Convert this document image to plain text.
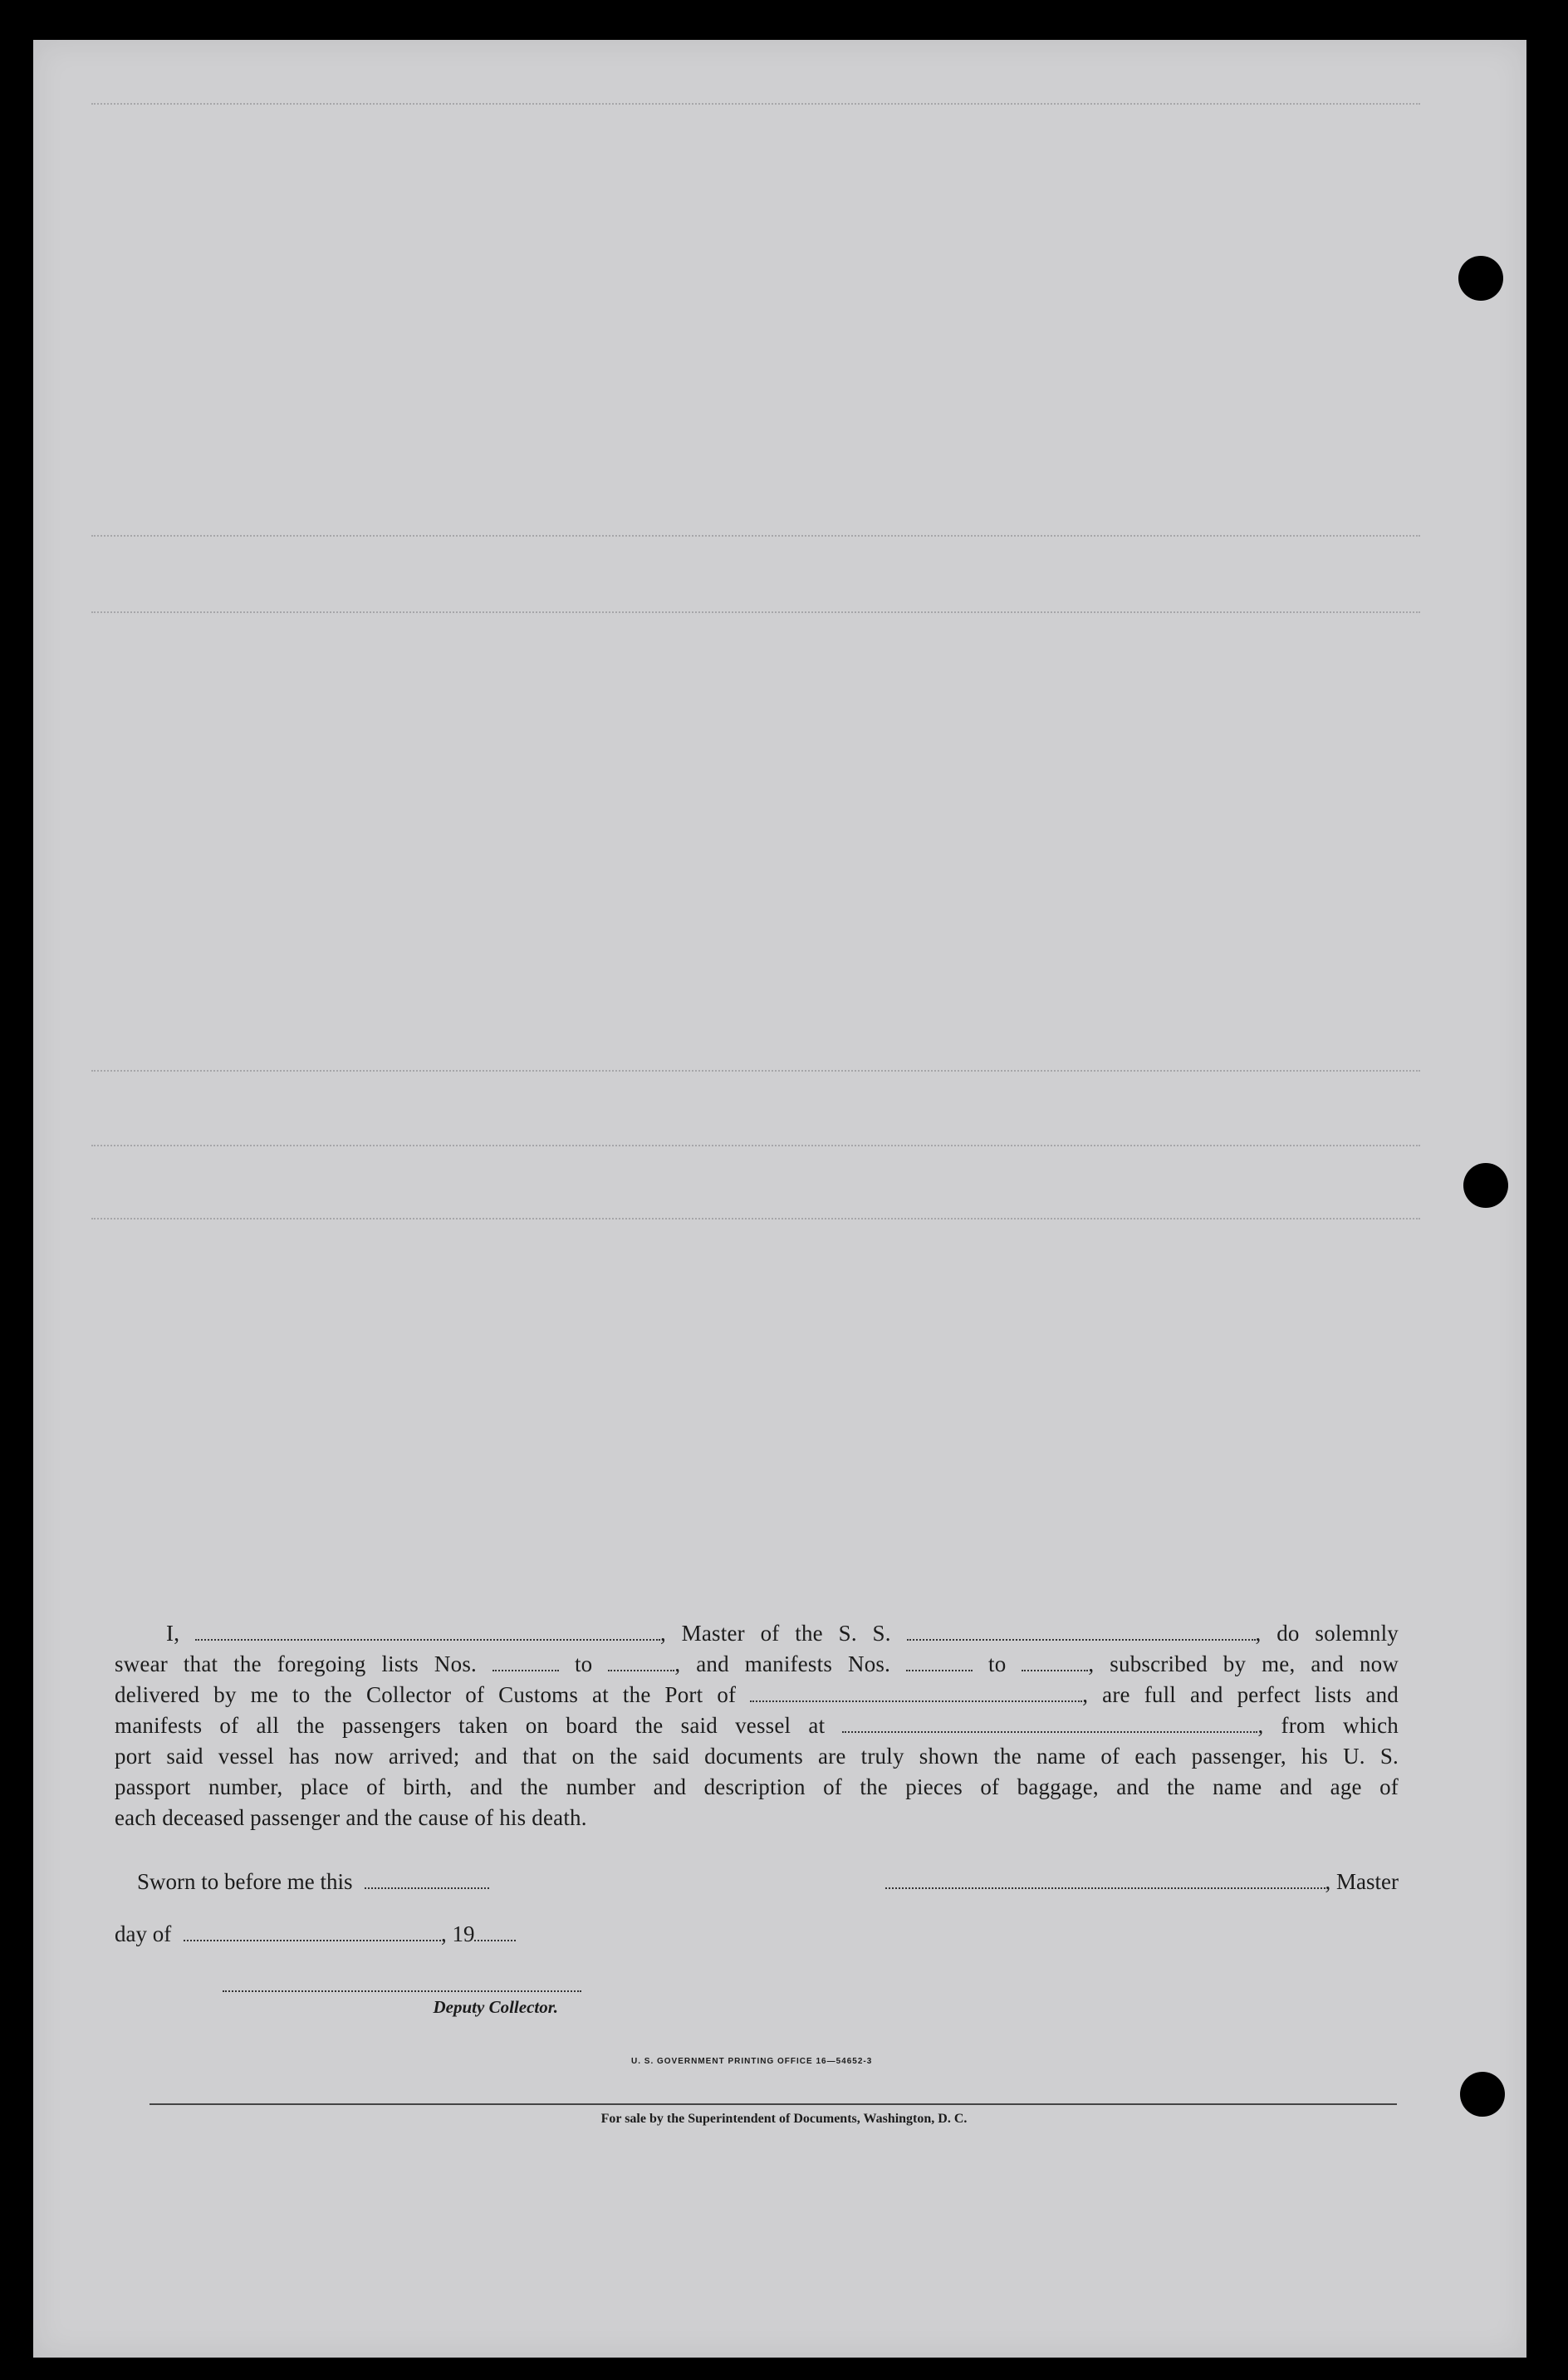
I,	, Master of the S. S.	, do solemnly
swear that the foregoing lists Nos.	to	, and manifests Nos.	to	, subscribed by me, and now
delivered by me to the Collector of Customs at the Port of	, are full and perfect lists and
manifests of all the passengers taken on board the said vessel at	, from which
port said vessel has now arrived; and that on the said documents are truly shown the name of each passenger, his U. S.
passport number, place of birth, and the number and description of the pieces of baggage, and the name and age of
each deceased passenger and the cause of his death.
Sworn to before me this	, Master
day of	, 19
Deputy Collector.
U. S. GOVERNMENT PRINTING OFFICE 16—54652-3
For sale by the Superintendent of Documents, Washington, D. C.
